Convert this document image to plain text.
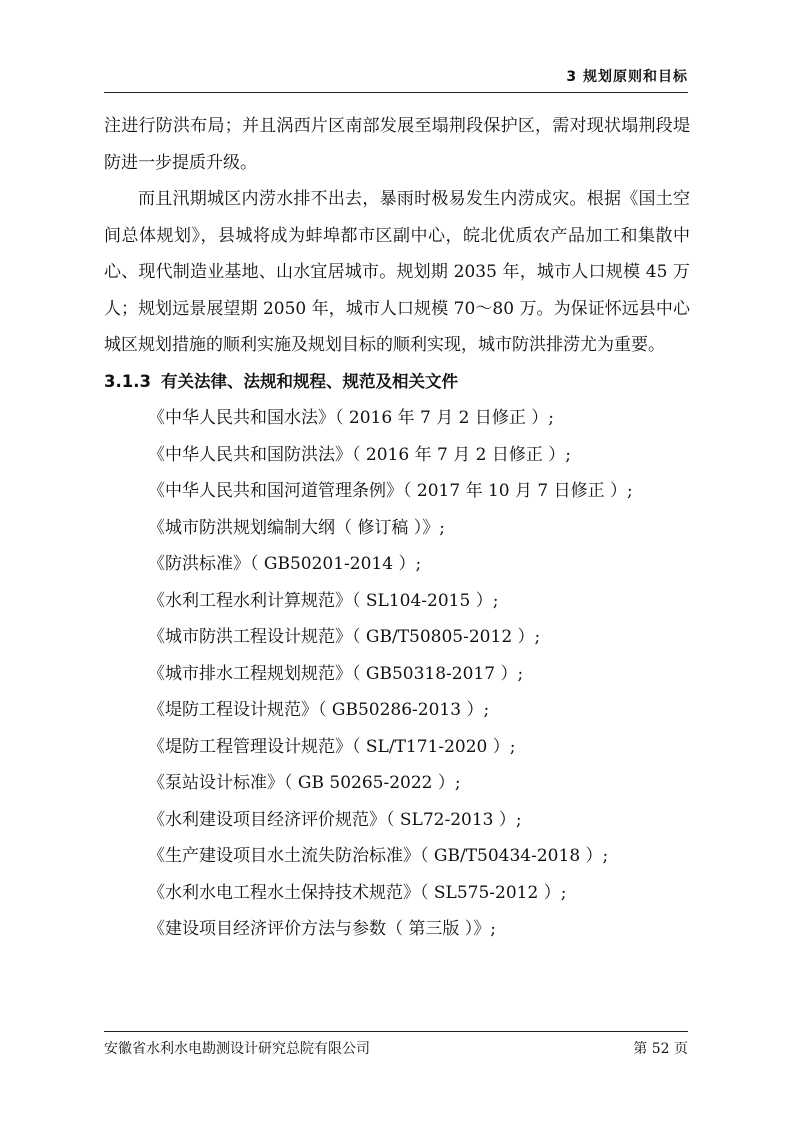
3 规划原则和目标

注进行防洪布局；并且涡西片区南部发展至塌荆段保护区，需对现状塌荆段堤防进一步提质升级。

而且汛期城区内涝水排不出去，暴雨时极易发生内涝成灾。根据《国土空间总体规划》，县城将成为蚌埠都市区副中心，皖北优质农产品加工和集散中心、现代制造业基地、山水宜居城市。规划期 2035 年，城市人口规模 45 万人；规划远景展望期 2050 年，城市人口规模 70～80 万。为保证怀远县中心城区规划措施的顺利实施及规划目标的顺利实现，城市防洪排涝尤为重要。

3.1.3 有关法律、法规和规程、规范及相关文件

《中华人民共和国水法》（ 2016 年 7 月 2 日修正 ）;
《中华人民共和国防洪法》（ 2016 年 7 月 2 日修正 ）;
《中华人民共和国河道管理条例》（ 2017 年 10 月 7 日修正 ）;
《城市防洪规划编制大纲（ 修订稿 ）》;
《防洪标准》（ GB50201-2014 ）;
《水利工程水利计算规范》（ SL104-2015 ）;
《城市防洪工程设计规范》（ GB/T50805-2012 ）;
《城市排水工程规划规范》（ GB50318-2017 ）;
《堤防工程设计规范》（ GB50286-2013 ）;
《堤防工程管理设计规范》（ SL/T171-2020 ）;
《泵站设计标准》（ GB 50265-2022 ）;
《水利建设项目经济评价规范》（ SL72-2013 ）;
《生产建设项目水土流失防治标准》（ GB/T50434-2018 ）;
《水利水电工程水土保持技术规范》（ SL575-2012 ）;
《建设项目经济评价方法与参数（ 第三版 ）》;
安徽省水利水电勘测设计研究总院有限公司	第 52 页
